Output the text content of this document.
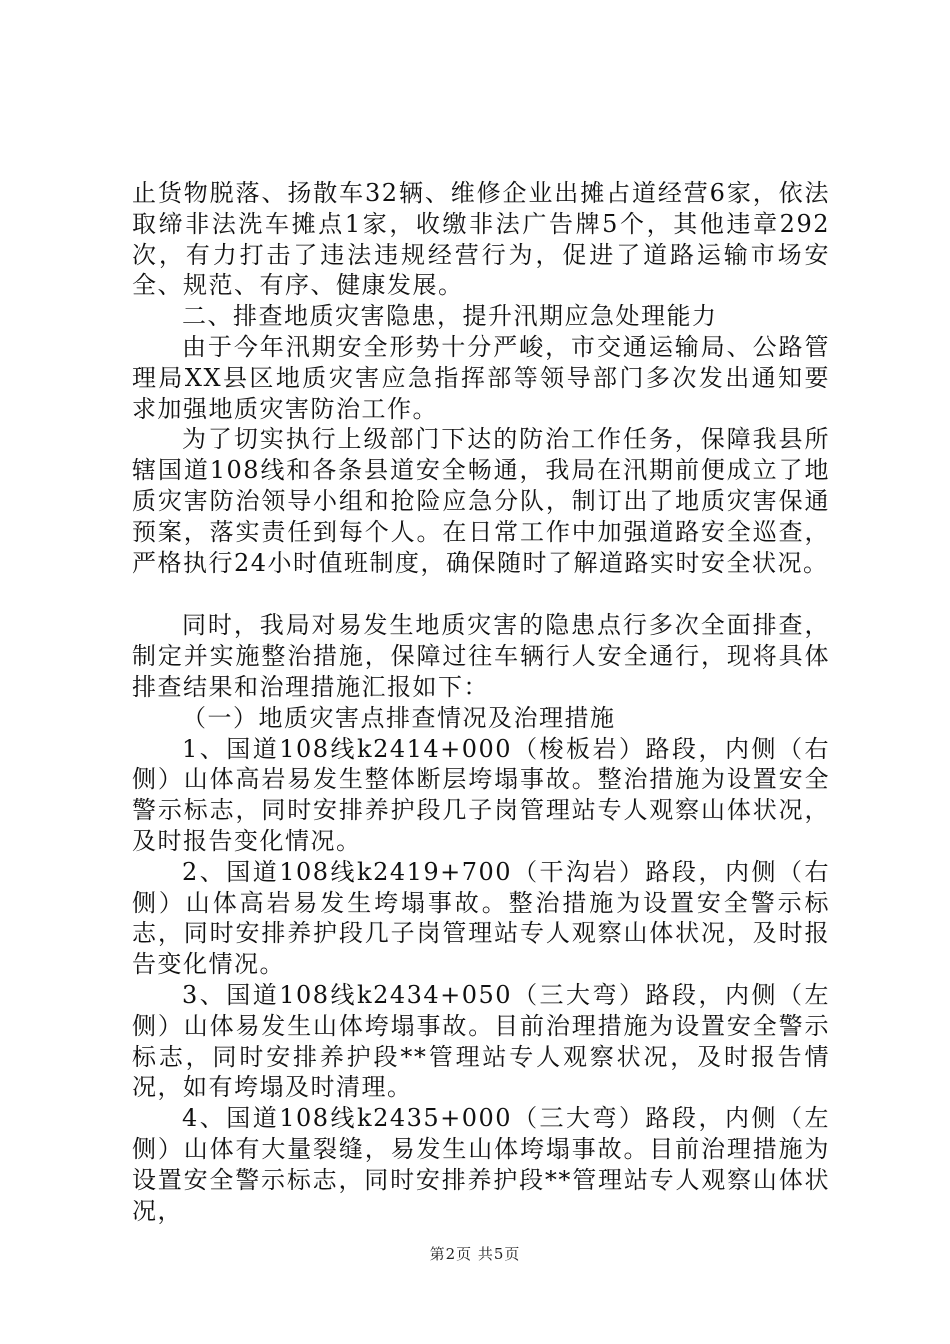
止货物脱落、扬散车32辆、维修企业出摊占道经营6家，依法取缔非法洗车摊点1家，收缴非法广告牌5个，其他违章292次，有力打击了违法违规经营行为，促进了道路运输市场安全、规范、有序、健康发展。

二、排查地质灾害隐患，提升汛期应急处理能力

由于今年汛期安全形势十分严峻，市交通运输局、公路管理局XX县区地质灾害应急指挥部等领导部门多次发出通知要求加强地质灾害防治工作。

为了切实执行上级部门下达的防治工作任务，保障我县所辖国道108线和各条县道安全畅通，我局在汛期前便成立了地质灾害防治领导小组和抢险应急分队，制订出了地质灾害保通预案，落实责任到每个人。在日常工作中加强道路安全巡查，严格执行24小时值班制度，确保随时了解道路实时安全状况。

同时，我局对易发生地质灾害的隐患点行多次全面排查，制定并实施整治措施，保障过往车辆行人安全通行，现将具体排查结果和治理措施汇报如下：

（一）地质灾害点排查情况及治理措施

1、国道108线k2414+000（梭板岩）路段，内侧（右侧）山体高岩易发生整体断层垮塌事故。整治措施为设置安全警示标志，同时安排养护段几子岗管理站专人观察山体状况，及时报告变化情况。

2、国道108线k2419+700（干沟岩）路段，内侧（右侧）山体高岩易发生垮塌事故。整治措施为设置安全警示标志，同时安排养护段几子岗管理站专人观察山体状况，及时报告变化情况。

3、国道108线k2434+050（三大弯）路段，内侧（左侧）山体易发生山体垮塌事故。目前治理措施为设置安全警示标志，同时安排养护段**管理站专人观察状况，及时报告情况，如有垮塌及时清理。

4、国道108线k2435+000（三大弯）路段，内侧（左侧）山体有大量裂缝，易发生山体垮塌事故。目前治理措施为设置安全警示标志，同时安排养护段**管理站专人观察山体状况，

第2页 共5页
